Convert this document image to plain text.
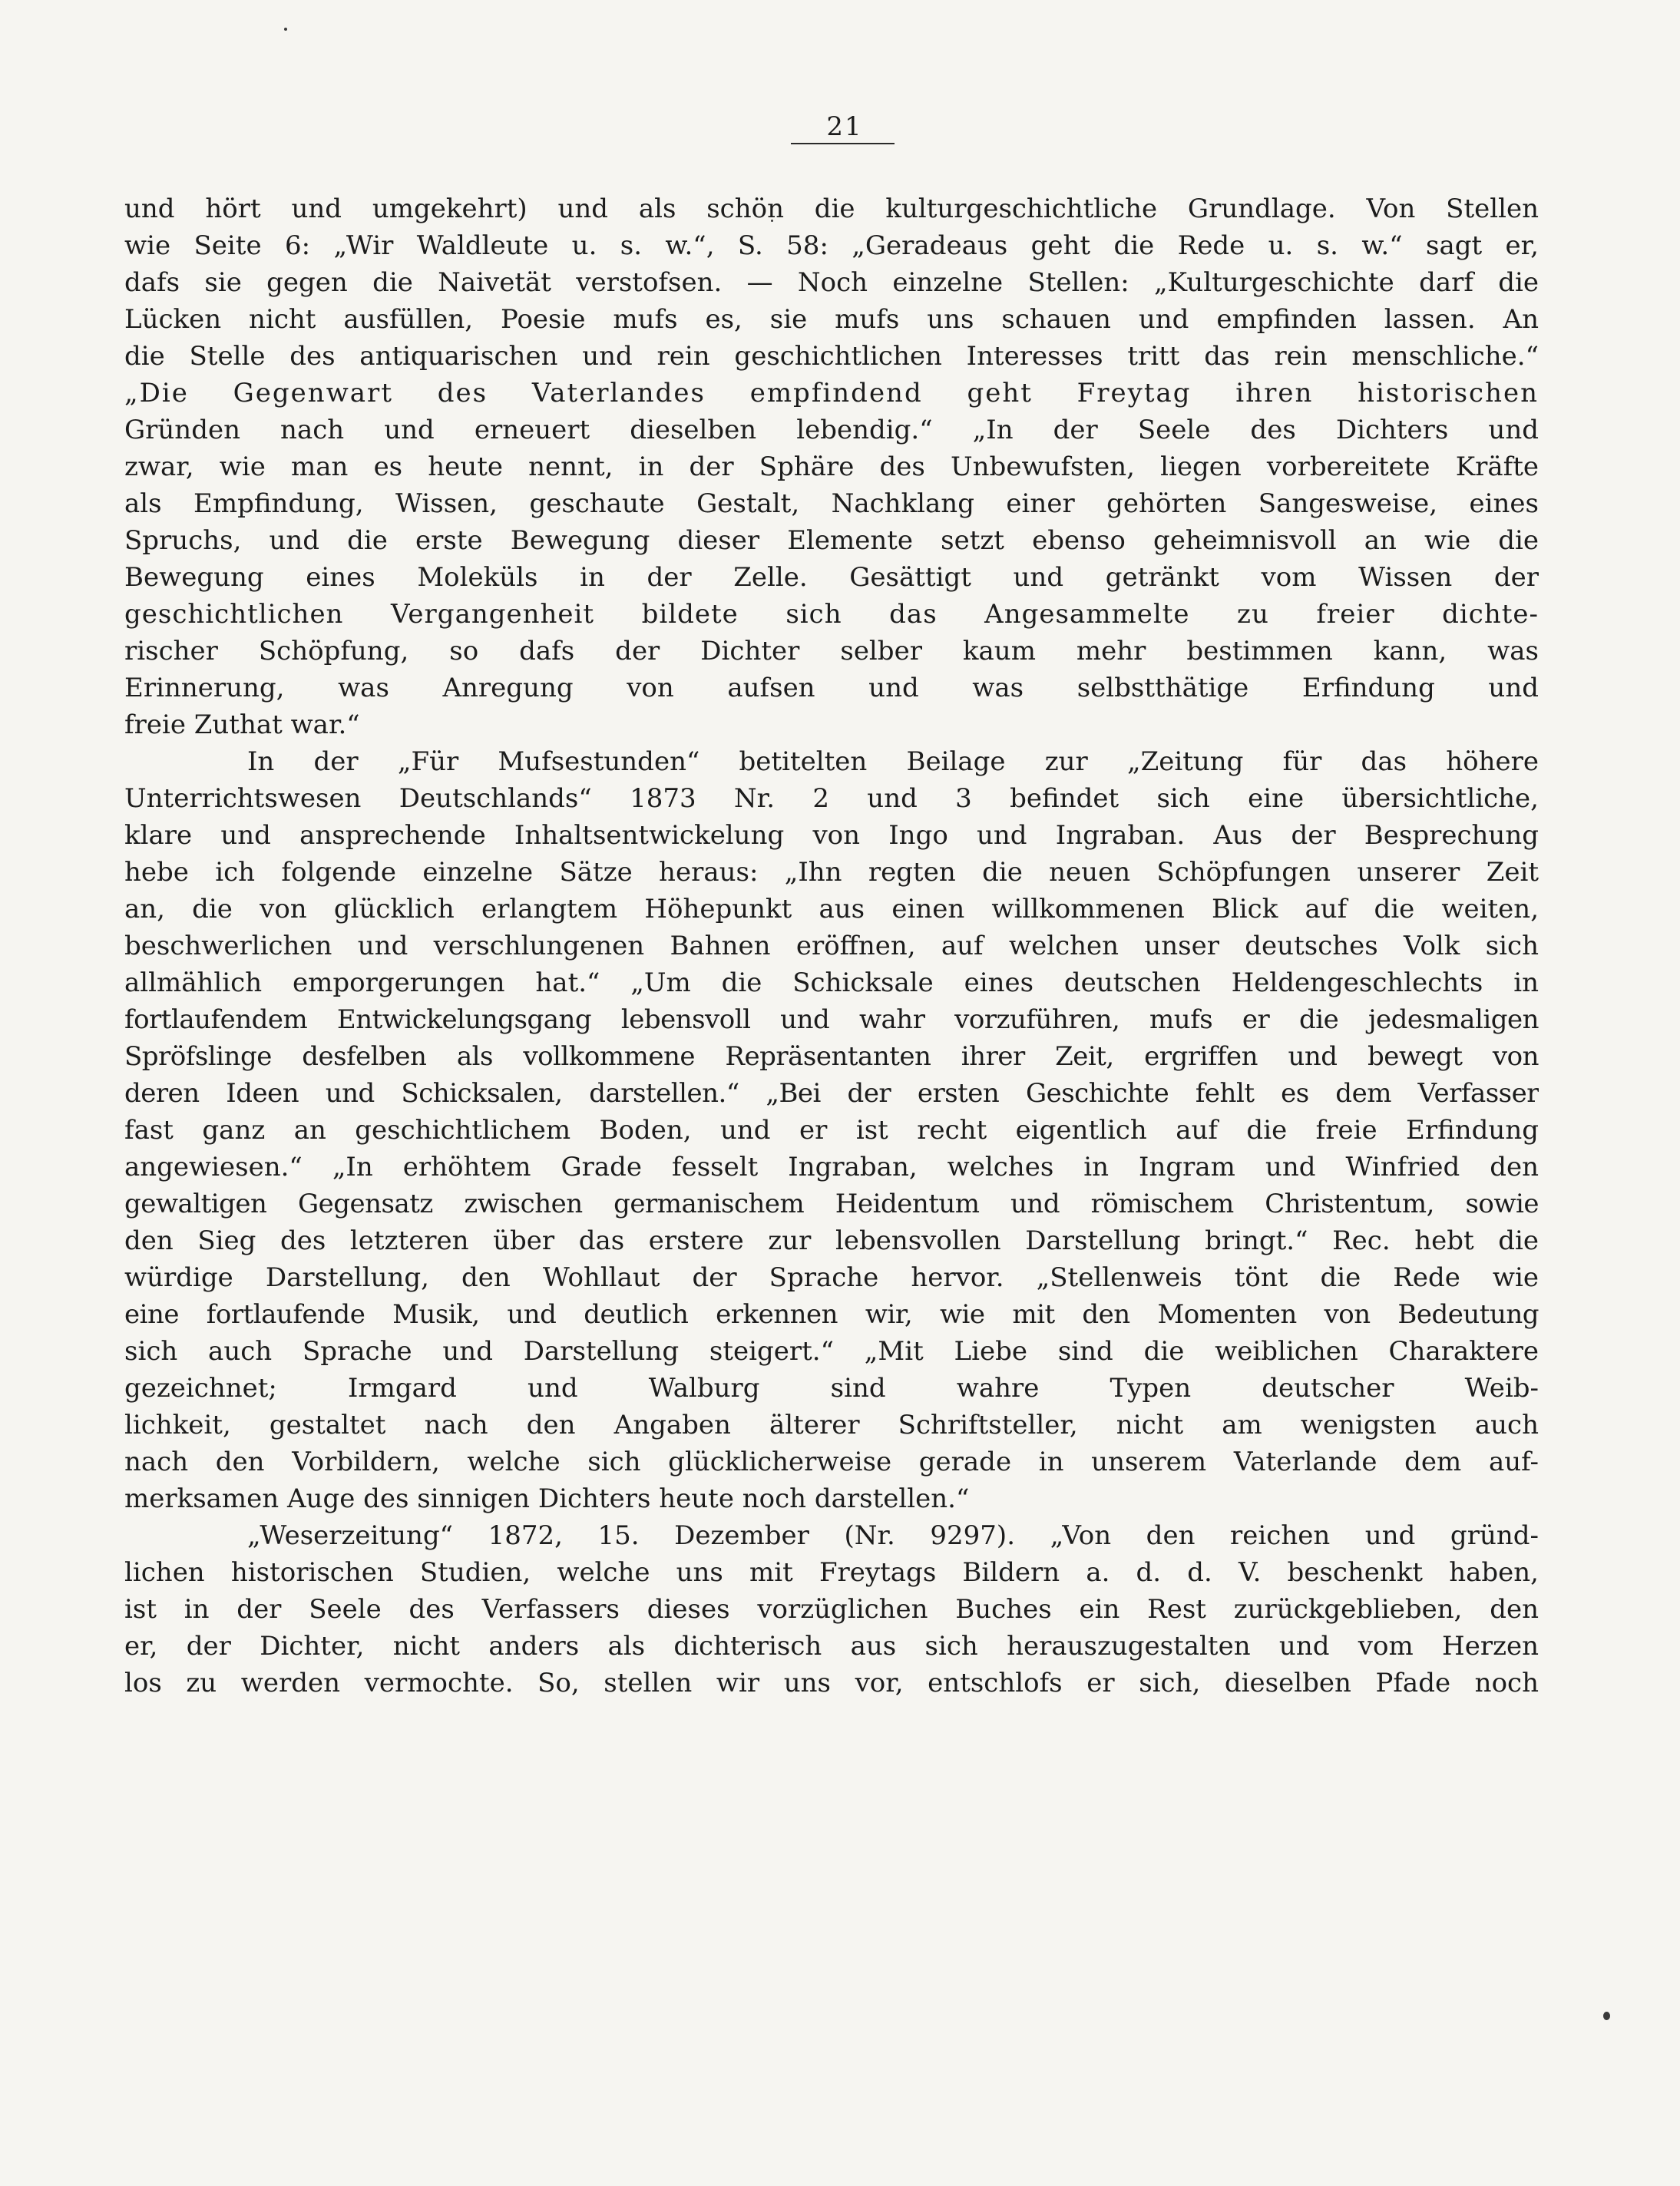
21
und hört und umgekehrt) und als schön die kulturgeschichtliche Grundlage. Von Stellen
wie Seite 6: „Wir Waldleute u. s. w.“, S. 58: „Geradeaus geht die Rede u. s. w.“ sagt er,
dafs sie gegen die Naivetät verstofsen. — Noch einzelne Stellen: „Kulturgeschichte darf die
Lücken nicht ausfüllen, Poesie mufs es, sie mufs uns schauen und empfinden lassen. An
die Stelle des antiquarischen und rein geschichtlichen Interesses tritt das rein menschliche.“
„Die Gegenwart des Vaterlandes empfindend geht Freytag ihren historischen
Gründen nach und erneuert dieselben lebendig.“ „In der Seele des Dichters und
zwar, wie man es heute nennt, in der Sphäre des Unbewufsten, liegen vorbereitete Kräfte
als Empfindung, Wissen, geschaute Gestalt, Nachklang einer gehörten Sangesweise, eines
Spruchs, und die erste Bewegung dieser Elemente setzt ebenso geheimnisvoll an wie die
Bewegung eines Moleküls in der Zelle. Gesättigt und getränkt vom Wissen der
geschichtlichen Vergangenheit bildete sich das Angesammelte zu freier dichte-
rischer Schöpfung, so dafs der Dichter selber kaum mehr bestimmen kann, was
Erinnerung, was Anregung von aufsen und was selbstthätige Erfindung und
freie Zuthat war.“
In der „Für Mufsestunden“ betitelten Beilage zur „Zeitung für das höhere
Unterrichtswesen Deutschlands“ 1873 Nr. 2 und 3 befindet sich eine übersichtliche,
klare und ansprechende Inhaltsentwickelung von Ingo und Ingraban. Aus der Besprechung
hebe ich folgende einzelne Sätze heraus: „Ihn regten die neuen Schöpfungen unserer Zeit
an, die von glücklich erlangtem Höhepunkt aus einen willkommenen Blick auf die weiten,
beschwerlichen und verschlungenen Bahnen eröffnen, auf welchen unser deutsches Volk sich
allmählich emporgerungen hat.“ „Um die Schicksale eines deutschen Heldengeschlechts in
fortlaufendem Entwickelungsgang lebensvoll und wahr vorzuführen, mufs er die jedesmaligen
Spröfslinge desfelben als vollkommene Repräsentanten ihrer Zeit, ergriffen und bewegt von
deren Ideen und Schicksalen, darstellen.“ „Bei der ersten Geschichte fehlt es dem Verfasser
fast ganz an geschichtlichem Boden, und er ist recht eigentlich auf die freie Erfindung
angewiesen.“ „In erhöhtem Grade fesselt Ingraban, welches in Ingram und Winfried den
gewaltigen Gegensatz zwischen germanischem Heidentum und römischem Christentum, sowie
den Sieg des letzteren über das erstere zur lebensvollen Darstellung bringt.“ Rec. hebt die
würdige Darstellung, den Wohllaut der Sprache hervor. „Stellenweis tönt die Rede wie
eine fortlaufende Musik, und deutlich erkennen wir, wie mit den Momenten von Bedeutung
sich auch Sprache und Darstellung steigert.“ „Mit Liebe sind die weiblichen Charaktere
gezeichnet; Irmgard und Walburg sind wahre Typen deutscher Weib-
lichkeit, gestaltet nach den Angaben älterer Schriftsteller, nicht am wenigsten auch
nach den Vorbildern, welche sich glücklicherweise gerade in unserem Vaterlande dem auf-
merksamen Auge des sinnigen Dichters heute noch darstellen.“
„Weserzeitung“ 1872, 15. Dezember (Nr. 9297). „Von den reichen und gründ-
lichen historischen Studien, welche uns mit Freytags Bildern a. d. d. V. beschenkt haben,
ist in der Seele des Verfassers dieses vorzüglichen Buches ein Rest zurückgeblieben, den
er, der Dichter, nicht anders als dichterisch aus sich herauszugestalten und vom Herzen
los zu werden vermochte. So, stellen wir uns vor, entschlofs er sich, dieselben Pfade noch
